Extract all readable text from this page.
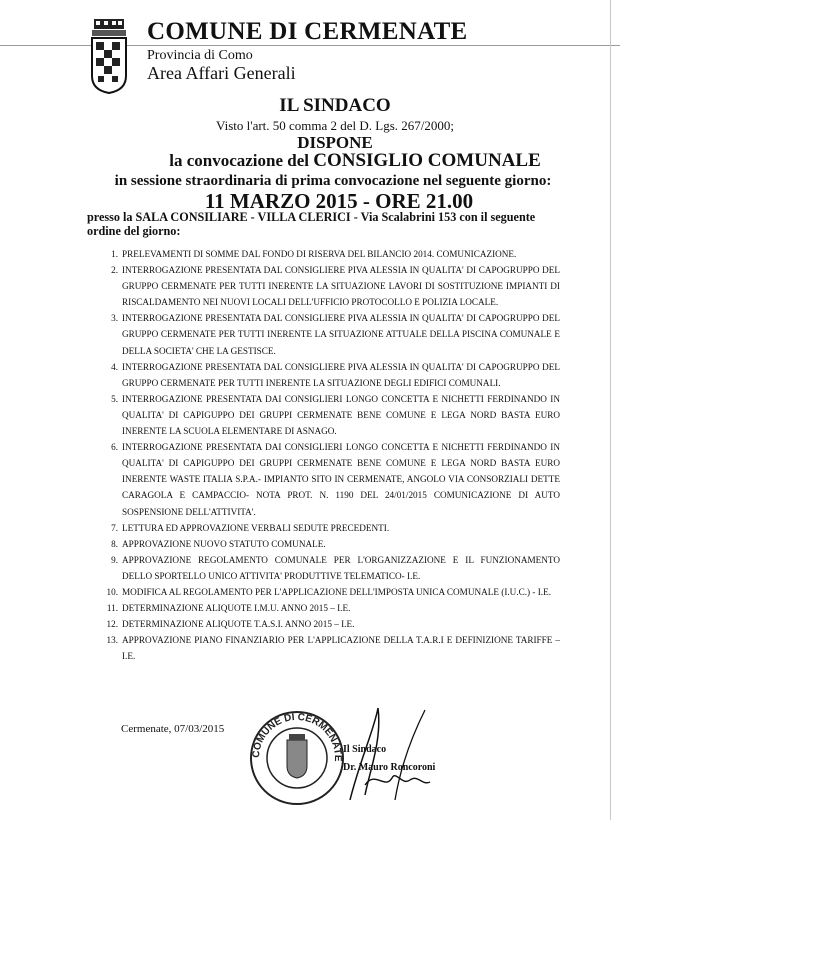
COMUNE DI CERMENATE
Provincia di Como
Area Affari Generali
IL SINDACO
Visto l'art. 50 comma 2 del D. Lgs. 267/2000;
DISPONE
la convocazione del CONSIGLIO COMUNALE
in sessione straordinaria di prima convocazione nel seguente giorno:
11 MARZO 2015 - ORE 21.00
presso la SALA CONSILIARE - VILLA CLERICI - Via Scalabrini 153 con il seguente ordine del giorno:
1. PRELEVAMENTI DI SOMME DAL FONDO DI RISERVA DEL BILANCIO 2014. COMUNICAZIONE.
2. INTERROGAZIONE PRESENTATA DAL CONSIGLIERE PIVA ALESSIA IN QUALITA' DI CAPOGRUPPO DEL GRUPPO CERMENATE PER TUTTI INERENTE LA SITUAZIONE LAVORI DI SOSTITUZIONE IMPIANTI DI RISCALDAMENTO NEI NUOVI LOCALI DELL'UFFICIO PROTOCOLLO E POLIZIA LOCALE.
3. INTERROGAZIONE PRESENTATA DAL CONSIGLIERE PIVA ALESSIA IN QUALITA' DI CAPOGRUPPO DEL GRUPPO CERMENATE PER TUTTI INERENTE LA SITUAZIONE ATTUALE DELLA PISCINA COMUNALE E DELLA SOCIETA' CHE LA GESTISCE.
4. INTERROGAZIONE PRESENTATA DAL CONSIGLIERE PIVA ALESSIA IN QUALITA' DI CAPOGRUPPO DEL GRUPPO CERMENATE PER TUTTI INERENTE LA SITUAZIONE DEGLI EDIFICI COMUNALI.
5. INTERROGAZIONE PRESENTATA DAI CONSIGLIERI LONGO CONCETTA E NICHETTI FERDINANDO IN QUALITA' DI CAPIGUPPO DEI GRUPPI CERMENATE BENE COMUNE E LEGA NORD BASTA EURO INERENTE LA SCUOLA ELEMENTARE DI ASNAGO.
6. INTERROGAZIONE PRESENTATA DAI CONSIGLIERI LONGO CONCETTA E NICHETTI FERDINANDO IN QUALITA' DI CAPIGUPPO DEI GRUPPI CERMENATE BENE COMUNE E LEGA NORD BASTA EURO INERENTE WASTE ITALIA S.P.A.- IMPIANTO SITO IN CERMENATE, ANGOLO VIA CONSORZIALI DETTE CARAGOLA E CAMPACCIO- NOTA PROT. N. 1190 DEL 24/01/2015 COMUNICAZIONE DI AUTO SOSPENSIONE DELL'ATTIVITA'.
7. LETTURA ED APPROVAZIONE VERBALI SEDUTE PRECEDENTI.
8. APPROVAZIONE NUOVO STATUTO COMUNALE.
9. APPROVAZIONE REGOLAMENTO COMUNALE PER L'ORGANIZZAZIONE E IL FUNZIONAMENTO DELLO SPORTELLO UNICO ATTIVITA' PRODUTTIVE TELEMATICO- I.E.
10. MODIFICA AL REGOLAMENTO PER L'APPLICAZIONE DELL'IMPOSTA UNICA COMUNALE (I.U.C.) - I.E.
11. DETERMINAZIONE ALIQUOTE I.M.U. ANNO 2015 – I.E.
12. DETERMINAZIONE ALIQUOTE T.A.S.I. ANNO 2015 – I.E.
13. APPROVAZIONE PIANO FINANZIARIO PER L'APPLICAZIONE DELLA T.A.R.I E DEFINIZIONE TARIFFE – I.E.
Cermenate, 07/03/2015
COMUNE DI CERMENATE
Il Sindaco
Dr. Mauro Roncoroni
